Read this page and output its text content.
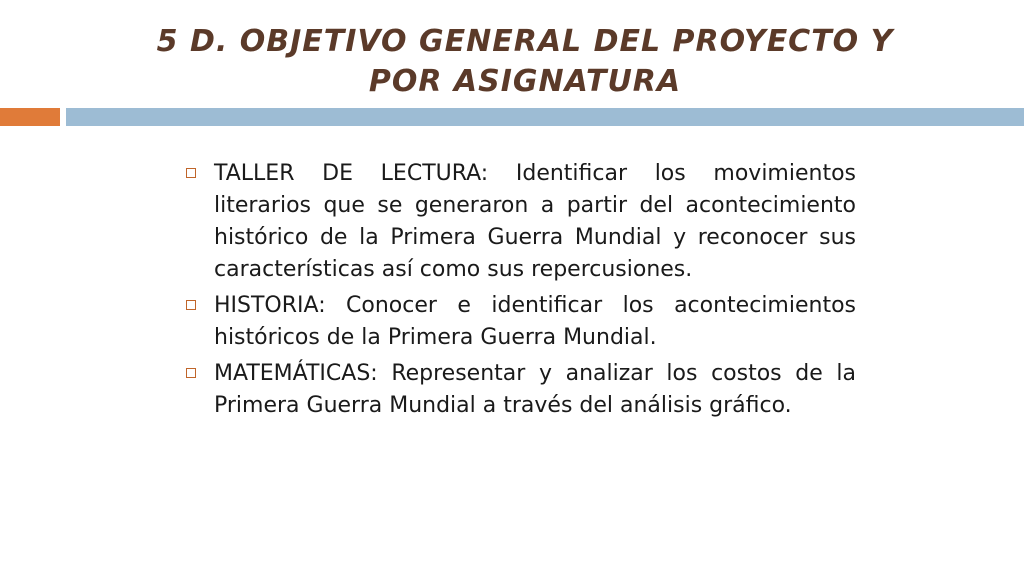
5 D. OBJETIVO GENERAL DEL PROYECTO Y POR ASIGNATURA
TALLER DE LECTURA: Identificar los movimientos literarios que se generaron a partir del acontecimiento histórico de la Primera Guerra Mundial y reconocer sus características así como sus repercusiones.
HISTORIA: Conocer e identificar los acontecimientos históricos de la Primera Guerra Mundial.
MATEMÁTICAS: Representar y analizar los costos de la Primera Guerra Mundial a través del análisis gráfico.
